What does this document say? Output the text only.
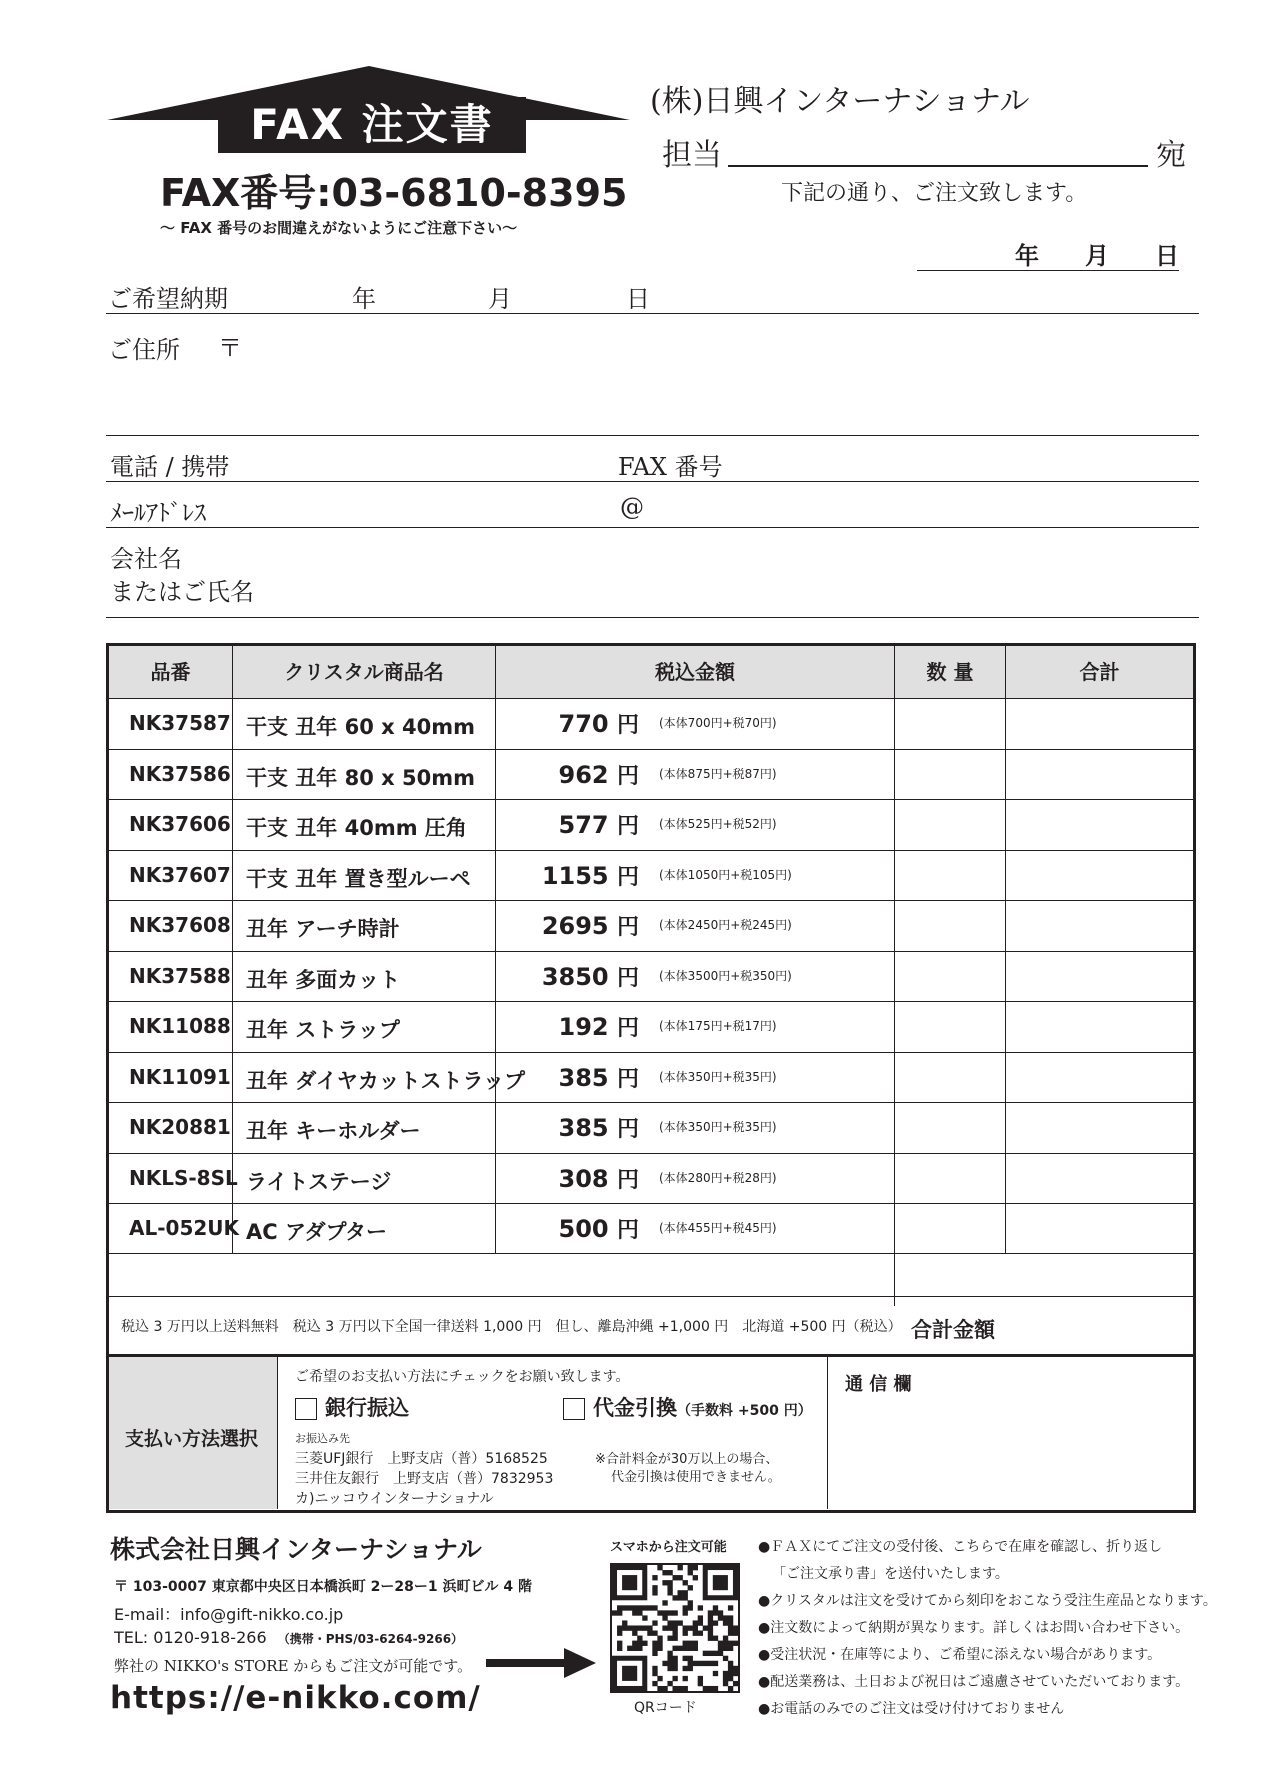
FAX 注文書
FAX番号:03-6810-8395
〜 FAX 番号のお間違えがないようにご注意下さい〜
(株)日興インターナショナル
担当	宛
下記の通り、ご注文致します。
年 月 日
ご希望納期	年	月	日
ご住所 〒
電話 / 携帯	FAX 番号
ﾒｰﾙｱﾄﾞﾚｽ	@
会社名
またはご氏名
品番	クリスタル商品名	税込金額	数 量	合計
NK37587 干支 丑年 60 x 40mm	770 円 (本体700円+税70円)
NK37586 干支 丑年 80 x 50mm	962 円 (本体875円+税87円)
NK37606 干支 丑年 40mm 圧角	577 円 (本体525円+税52円)
NK37607 干支 丑年 置き型ルーペ	1155 円 (本体1050円+税105円)
NK37608 丑年 アーチ時計	2695 円 (本体2450円+税245円)
NK37588 丑年 多面カット	3850 円 (本体3500円+税350円)
NK11088 丑年 ストラップ	192 円 (本体175円+税17円)
NK11091 丑年 ダイヤカットストラップ	385 円 (本体350円+税35円)
NK20881 丑年 キーホルダー	385 円 (本体350円+税35円)
NKLS-8SL ライトステージ	308 円 (本体280円+税28円)
AL-052UK AC アダプター	500 円 (本体455円+税45円)
税込 3 万円以上送料無料　税込 3 万円以下全国一律送料 1,000 円　但し、離島沖縄 +1,000 円　北海道 +500 円（税込） 合計金額
支払い方法選択
ご希望のお支払い方法にチェックをお願い致します。
銀行振込	代金引換（手数料 +500 円）
お振込み先
三菱UFJ銀行　上野支店（普）5168525
三井住友銀行　上野支店（普）7832953
カ)ニッコウインターナショナル
※合計料金が30万以上の場合、
代金引換は使用できません。
通 信 欄
株式会社日興インターナショナル
〒 103-0007 東京都中央区日本橋浜町 2ー28ー1 浜町ビル 4 階
E-mail：info@gift-nikko.co.jp
TEL: 0120-918-266 （携帯・PHS/03-6264-9266）
弊社の NIKKO's STORE からもご注文が可能です。
https://e-nikko.com/
スマホから注文可能
QRコード
●ＦＡＸにてご注文の受付後、こちらで在庫を確認し、折り返し
「ご注文承り書」を送付いたします。
●クリスタルは注文を受けてから刻印をおこなう受注生産品となります。
●注文数によって納期が異なります。詳しくはお問い合わせ下さい。
●受注状況・在庫等により、ご希望に添えない場合があります。
●配送業務は、土日および祝日はご遠慮させていただいております。
●お電話のみでのご注文は受け付けておりません
